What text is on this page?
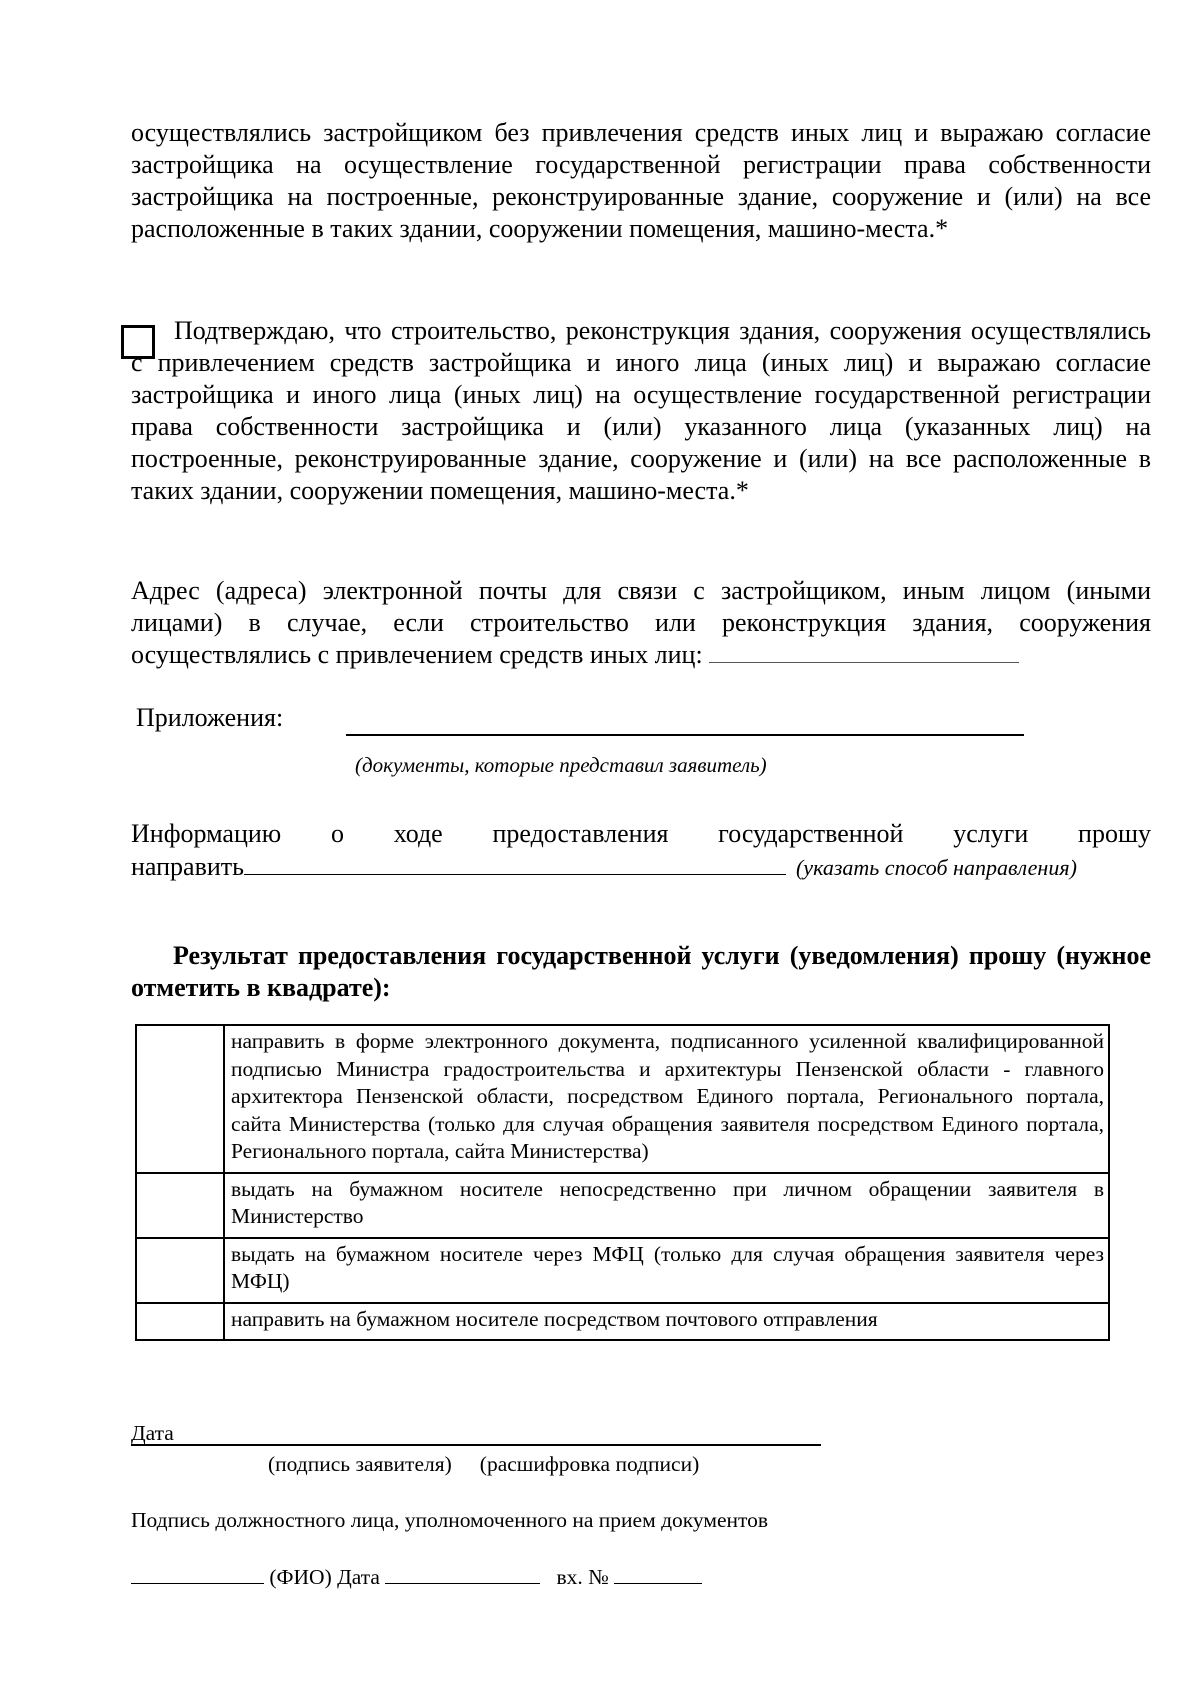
осуществлялись застройщиком без привлечения средств иных лиц и выражаю согласие застройщика на осуществление государственной регистрации права собственности застройщика на построенные, реконструированные здание, сооружение и (или) на все расположенные в таких здании, сооружении помещения, машино-места.*
Подтверждаю, что строительство, реконструкция здания, сооружения осуществлялись с привлечением средств застройщика и иного лица (иных лиц) и выражаю согласие застройщика и иного лица (иных лиц) на осуществление государственной регистрации права собственности застройщика и (или) указанного лица (указанных лиц) на построенные, реконструированные здание, сооружение и (или) на все расположенные в таких здании, сооружении помещения, машино-места.*
Адрес (адреса) электронной почты для связи с застройщиком, иным лицом (иными лицами) в случае, если строительство или реконструкция здания, сооружения осуществлялись с привлечением средств иных лиц:
Приложения:
(документы, которые представил заявитель)
Информацию о ходе предоставления государственной услуги прошу
направить	(указать способ направления)
Результат предоставления государственной услуги (уведомления) прошу (нужное отметить в квадрате):
	направить в форме электронного документа, подписанного усиленной квалифицированной подписью Министра градостроительства и архитектуры Пензенской области - главного архитектора Пензенской области, посредством Единого портала, Регионального портала, сайта Министерства (только для случая обращения заявителя посредством Единого портала, Регионального портала, сайта Министерства)
	выдать на бумажном носителе непосредственно при личном обращении заявителя в Министерство
	выдать на бумажном носителе через МФЦ (только для случая обращения заявителя через МФЦ)
	направить на бумажном носителе посредством почтового отправления
Дата
(подпись заявителя) (расшифровка подписи)
Подпись должностного лица, уполномоченного на прием документов
(ФИО) Дата	вх. №
